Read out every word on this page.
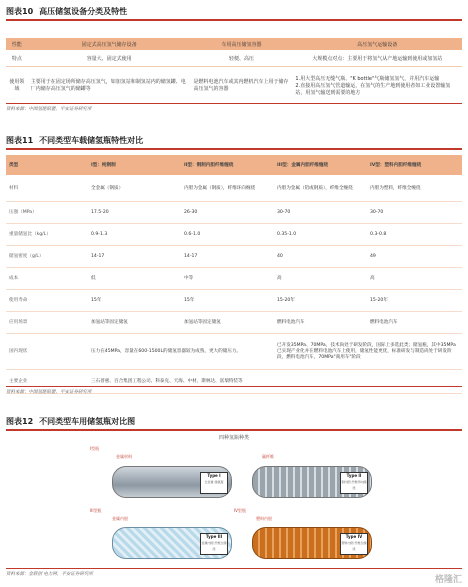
图表10 高压储氢设备分类及特性
性能	固定式高压氢气储存设备	车用高压储氢容器	高压氢气运输设备
特点	容量大、固定式使用	轻便、高压	大规模点对点：主要用于将氢气从产地运输到使用或加氢站
使用领域	主要用于在固定场所储存高压氢气，如加氢站和制氢站内的储氢罐、电厂内储存高压氢气的储罐等	是燃料电池汽车或其内燃机汽车上用于储存高压氢气的容器	1.用大型高压无缝气瓶、"K bottle"气瓶储氢氢气，并用汽车运输
2.直接用高压氢气管道输运，在氢气的生产地到使用者如工业设置输氢站，用氢气输送到需要的地方
资料来源：中国氢能联盟，平安证券研究所
图表11 不同类型车载储氢瓶特性对比
类型	I型：纯钢制	II型：钢制内胆纤维缠绕	III型：金属内胆纤维缠绕	IV型：塑料内胆纤维缠绕
材料	全金属（钢质）	内胆为金属（钢质），纤维环向缠绕	内胆为金属（铝或钢质），纤维全缠绕	内胆为塑料，纤维全缠绕
压强（MPa）	17.5-20	26-30	30-70	30-70
重量储氢比（kg/L）	0.9-1.3	0.6-1.0	0.35-1.0	0.3-0.8
储氢密度（g/L）	14-17	14-17	40	49
成本	低	中等	高	高
使用寿命	15年	15年	15-20年	15-20年
应用场景	加氢站等固定储氢	加氢站等固定储氢	燃料电池汽车	燃料电池汽车
国内现状	压力在45MPa，容量在600-1500L的储氢容器较为成熟，更大的储压力。		已开发35MPa、70MPa，技术尚处于研发阶段，国际上多选此类；储氢瓶，其中35MPa已实现产业化并在燃料电池汽车上使用，储氢性能更优，标准研发与制造尚处于研发阶段，燃料电池汽车，70MPa"商用车"阶段	
主要企业	三石普惠、百合集团工程公司、科泰克、天海、中材、斯林达、富瑞特装等			
资料来源：中国氢能联盟，平安证券研究所
图表12 不同类型车用储氢瓶对比图
四种氢瓶种类
I型瓶
金属材料
Type I
全金属 储氢瓶
碳纤维
Type II
钢内胆 纤维环向缠绕
III型瓶
金属内胆
Type III
金属内胆 纤维全缠绕
IV型瓶
塑料内胆
Type IV
塑料内胆 纤维全缠绕
资料来源：金联创 电力网，平安证券研究所
格隆汇
